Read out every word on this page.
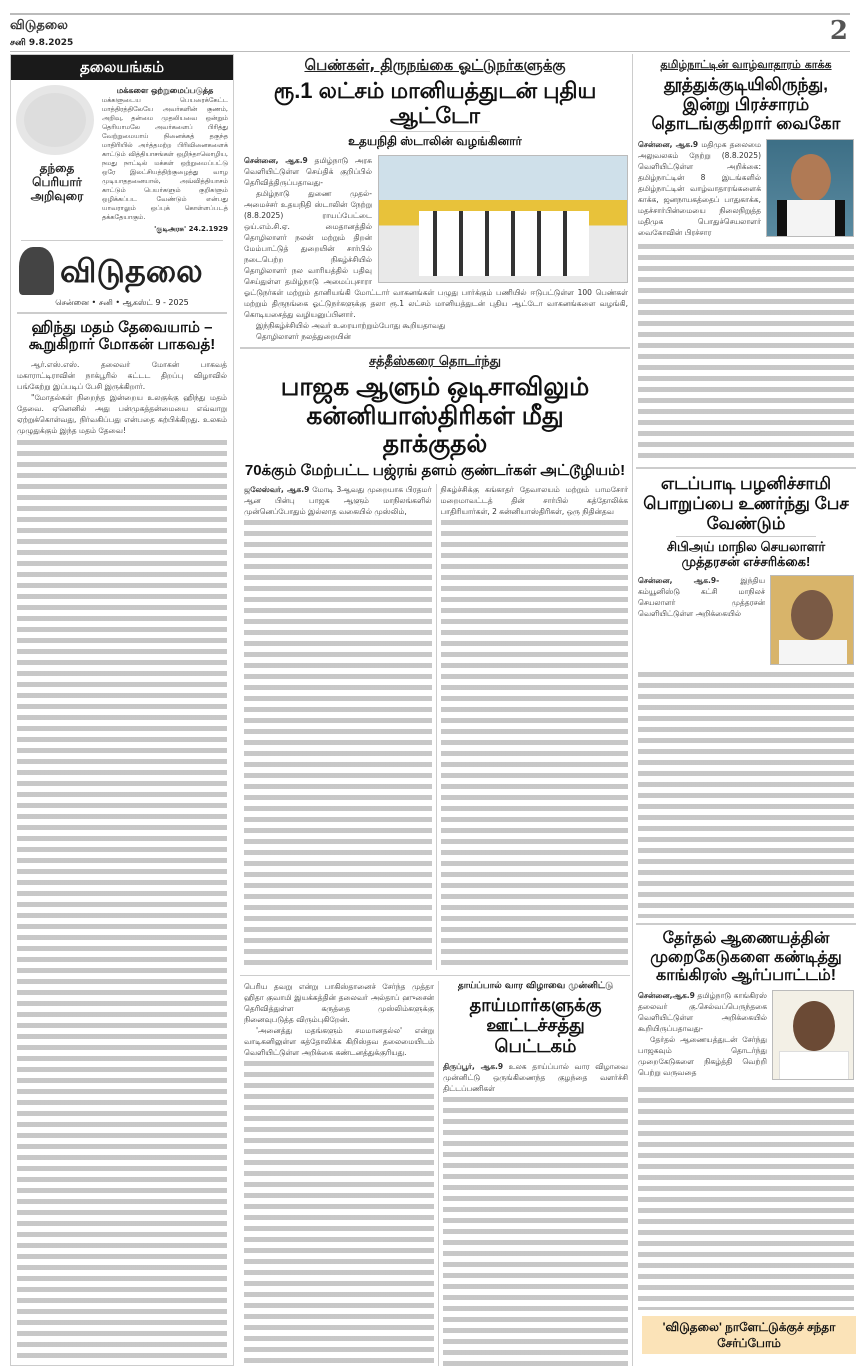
விடுதலை
சனி 9.8.2025	2
தலையங்கம்
தந்தை
பெரியார்
அறிவுரை
மக்களை ஒற்றுமைப்படுத்த
மக்களுடைய பெயரைக்கேட்ட மாத்திரத்திலேயே அவர்களின் குணம், அறிவு, தன்மை முதலியவை ஒன்றும் தெரியாமலே அவர்களைப் பிரித்து வேற்றுமையாய் நினைக்கத் தகுந்த மாதிரியில் அர்த்தமற்ற பிரிவினைகளைக் காட்டும் வித்தியாசங்கள் ஒழிந்தாலொழிய, நமது நாட்டில் மக்கள் ஒற்றுமைப்பட்டு ஒரே இலட்சியத்திற்குழைத்து வாழ முடியாததனையால், அவ்வித்தியாசம் காட்டும் பெயர்களும் குறிகளும் ஒழிக்கப்பட வேண்டும் என்பது யாவராலும் ஒப்புக் கொள்ளப்படத் தக்கதேயாகும்.
'குடிஅரசு' 24.2.1929
விடுதலை
சென்னை • சனி • ஆகஸ்ட் 9 - 2025
ஹிந்து மதம் தேவையாம் – கூறுகிறார் மோகன் பாகவத்!

ஆர்.எஸ்.எஸ். தலைவர் மோகன் பாகவத் மகாராட்டிராவின் நாக்பூரில் கட்டட திறப்பு விழாவில் பங்கேற்று இப்படிப் பேசி இருக்கிறார்.

"மோதல்கள் நிறைந்த இன்றைய உலகுக்கு ஹிந்து மதம் தேவை. ஏனெனில் அது பன்முகத்தன்மையை எவ்வாறு ஏற்றுக்கொள்வது, நிர்வகிப்பது என்பதை கற்பிக்கிறது. உலகம் முழுதுக்கும் இந்த மதம் தேவை!

பெண்கள், திருநங்கை ஓட்டுநர்களுக்கு
ரூ.1 லட்சம் மானியத்துடன் புதிய ஆட்டோ
உதயநிதி ஸ்டாலின் வழங்கினார்

சென்னை, ஆக.9 தமிழ்நாடு அரசு வெளியிட்டுள்ள செய்திக் குறிப்பில் தெரிவித்திருப்பதாவது-

தமிழ்நாடு துணை முதல்-அமைச்சர் உதயநிதி ஸ்டாலின் நேற்று (8.8.2025) ராயப்பேட்டை ஒய்.எம்.சி.ஏ. மைதானத்தில் தொழிலாளர் நலன் மற்றும் திறன் மேம்பாட்டுத் துறையின் சார்பில் நடைபெற்ற நிகழ்ச்சியில் தொழிலாளர் நல வாரியத்தில் பதிவு செய்துள்ள தமிழ்நாடு அமைப்புசாரா ஓட்டுநர்கள் மற்றும் தானியங்கி மோட்டார் வாகனங்கள் பழுது பார்க்கும் பணியில் ஈடுபட்டுள்ள 100 பெண்கள் மற்றும் திருநங்கை ஓட்டுநர்களுக்கு தலா ரூ.1 லட்சம் மானியத்துடன் புதிய ஆட்டோ வாகனங்களை வழங்கி, கொடியசைத்து வழியனுப்பினார்.

இந்நிகழ்ச்சியில் அவர் உரையாற்றும்போது கூறியதாவது

தொழிலாளர் நலத்துறையின்

சத்தீஸ்கரை தொடர்ந்து
பாஜக ஆளும் ஒடிசாவிலும் கன்னியாஸ்திரிகள் மீது தாக்குதல்
70க்கும் மேற்பட்ட பஜ்ரங் தளம் குண்டர்கள் அட்டூழியம்!

ஜலேஸ்வர், ஆக.9 மோடி 3ஆவது முறையாக பிரதமர் ஆன பின்பு பாஜக ஆளும் மாநிலங்களில் முன்னெப்போதும் இல்லாத வகையில் முஸ்லிம்,

நிகழ்ச்சிக்கு கங்காதர் தேவாலயம் மற்றும் பாமசோர் மறைமாவட்டத் தின் சார்பில் கத்தோலிக்க பாதிரியார்கள், 2 கன்னியாஸ்திரிகள், ஒரு நிதின்தவ

பெரிய தவறு என்று பாகிஸ்தானைச் சேர்ந்த முத்தா ஹிதா குவாமி இயக்கத்தின் தலைவர் அல்தாப் ஹுசைன் தெரிவித்துள்ள கருத்தை முஸ்லிம்களுக்கு நினைவுபடுத்த விரும்புகிறேன்.

'அனைத்து மதங்களும் சமமானதல்ல' என்று வாடிகனிலுள்ள கத்தோலிக்க கிறிஸ்தவ தலைமையிடம் வெளியிட்டுள்ள அறிக்கை கண்டனத்துக்குரியது.

தாய்ப்பால் வார விழாவை முன்னிட்டு
தாய்மார்களுக்கு ஊட்டச்சத்து பெட்டகம்

திருப்பூர், ஆக.9 உலக தாய்ப்பால் வார விழாவை முன்னிட்டு ஒருங்கிணைந்த குழந்தை வளர்ச்சி திட்டப்பணிகள்

தமிழ்நாட்டின் வாழ்வாதாரம் காக்க
தூத்துக்குடியிலிருந்து, இன்று பிரச்சாரம் தொடங்குகிறார் வைகோ

சென்னை, ஆக.9 மதிமுக தலைமை அலுவலகம் நேற்று (8.8.2025) வெளியிட்டுள்ள அறிக்கை: தமிழ்நாட்டின் 8 இடங்களில் தமிழ்நாட்டின் வாழ்வாதாரங்களைக் காக்க, ஜனநாயகத்தைப் பாதுகாக்க, மதச்சார்பின்மையை நிலைநிறுத்த மதிமுக பொதுச்செயலாளர் வைகோவின் பிரச்சார

எடப்பாடி பழனிச்சாமி பொறுப்பை உணர்ந்து பேச வேண்டும்
சிபிஅய் மாநில செயலாளர் முத்தரசன் எச்சரிக்கை!

சென்னை, ஆக.9-	இந்திய கம்யூனிஸ்டு கட்சி மாநிலச் செயலாளர் முத்தரசன் வெளியிட்டுள்ள அறிக்கையில்

தேர்தல் ஆணையத்தின் முறைகேடுகளை கண்டித்து காங்கிரஸ் ஆர்ப்பாட்டம்!

சென்னை,ஆக.9 தமிழ்நாடு காங்கிரஸ் தலைவர் கு.செல்வப்பெருந்தகை வெளியிட்டுள்ள அறிக்கையில் கூறியிருப்பதாவது-

தேர்தல் ஆணையத்துடன் சேர்ந்து பாஜகவும் தொடர்ந்து முறைகேடுகளை நிகழ்த்தி வெற்றி பெற்று வருவதை

'விடுதலை' நாளேட்டுக்குச் சந்தா சேர்ப்போம்
